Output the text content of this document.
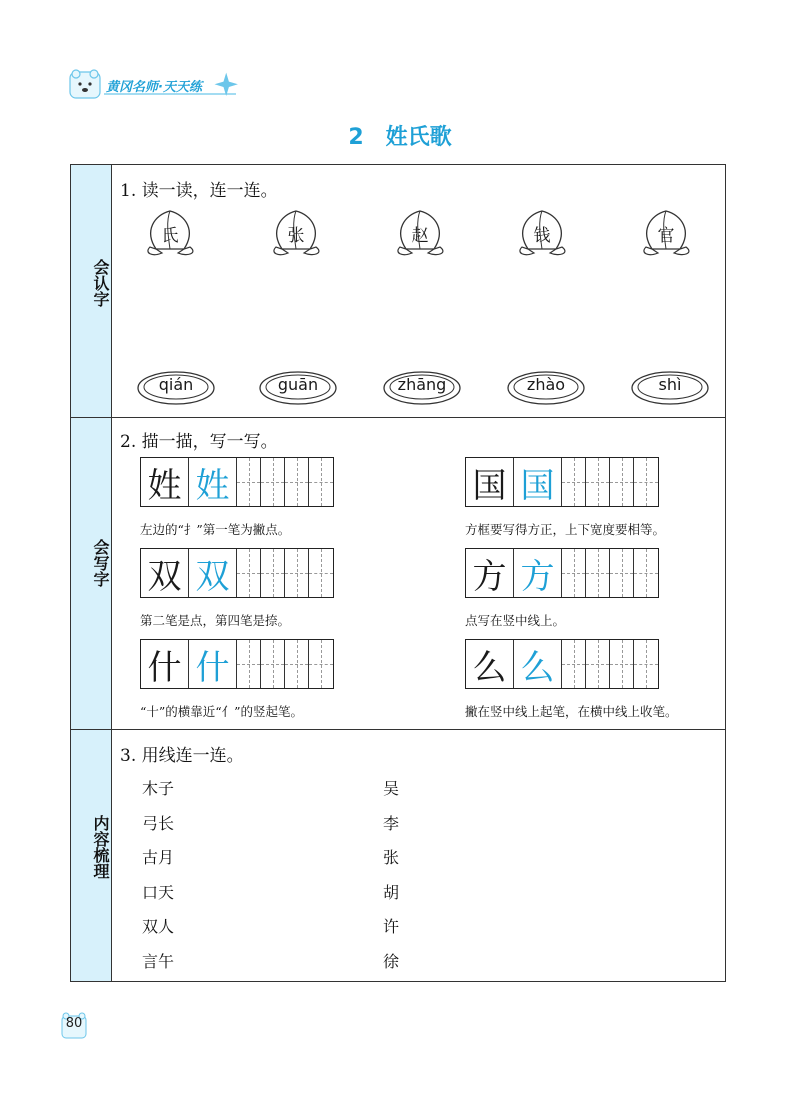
黄冈名师·天天练
2 姓氏歌
会认字
会写字
内容梳理
1. 读一读，连一连。
氏	张	赵	钱	官
qián	guān	zhāng	zhào	shì
2. 描一描，写一写。
姓 姓
左边的“扌”第一笔为撇点。
国 国
方框要写得方正，上下宽度要相等。
双 双
第二笔是点，第四笔是捺。
方 方
点写在竖中线上。
什 什
“十”的横靠近“亻”的竖起笔。
么 么
撇在竖中线上起笔，在横中线上收笔。
3. 用线连一连。
木子
弓长
古月
口天
双人
言午
吴
李
张
胡
许
徐
80
